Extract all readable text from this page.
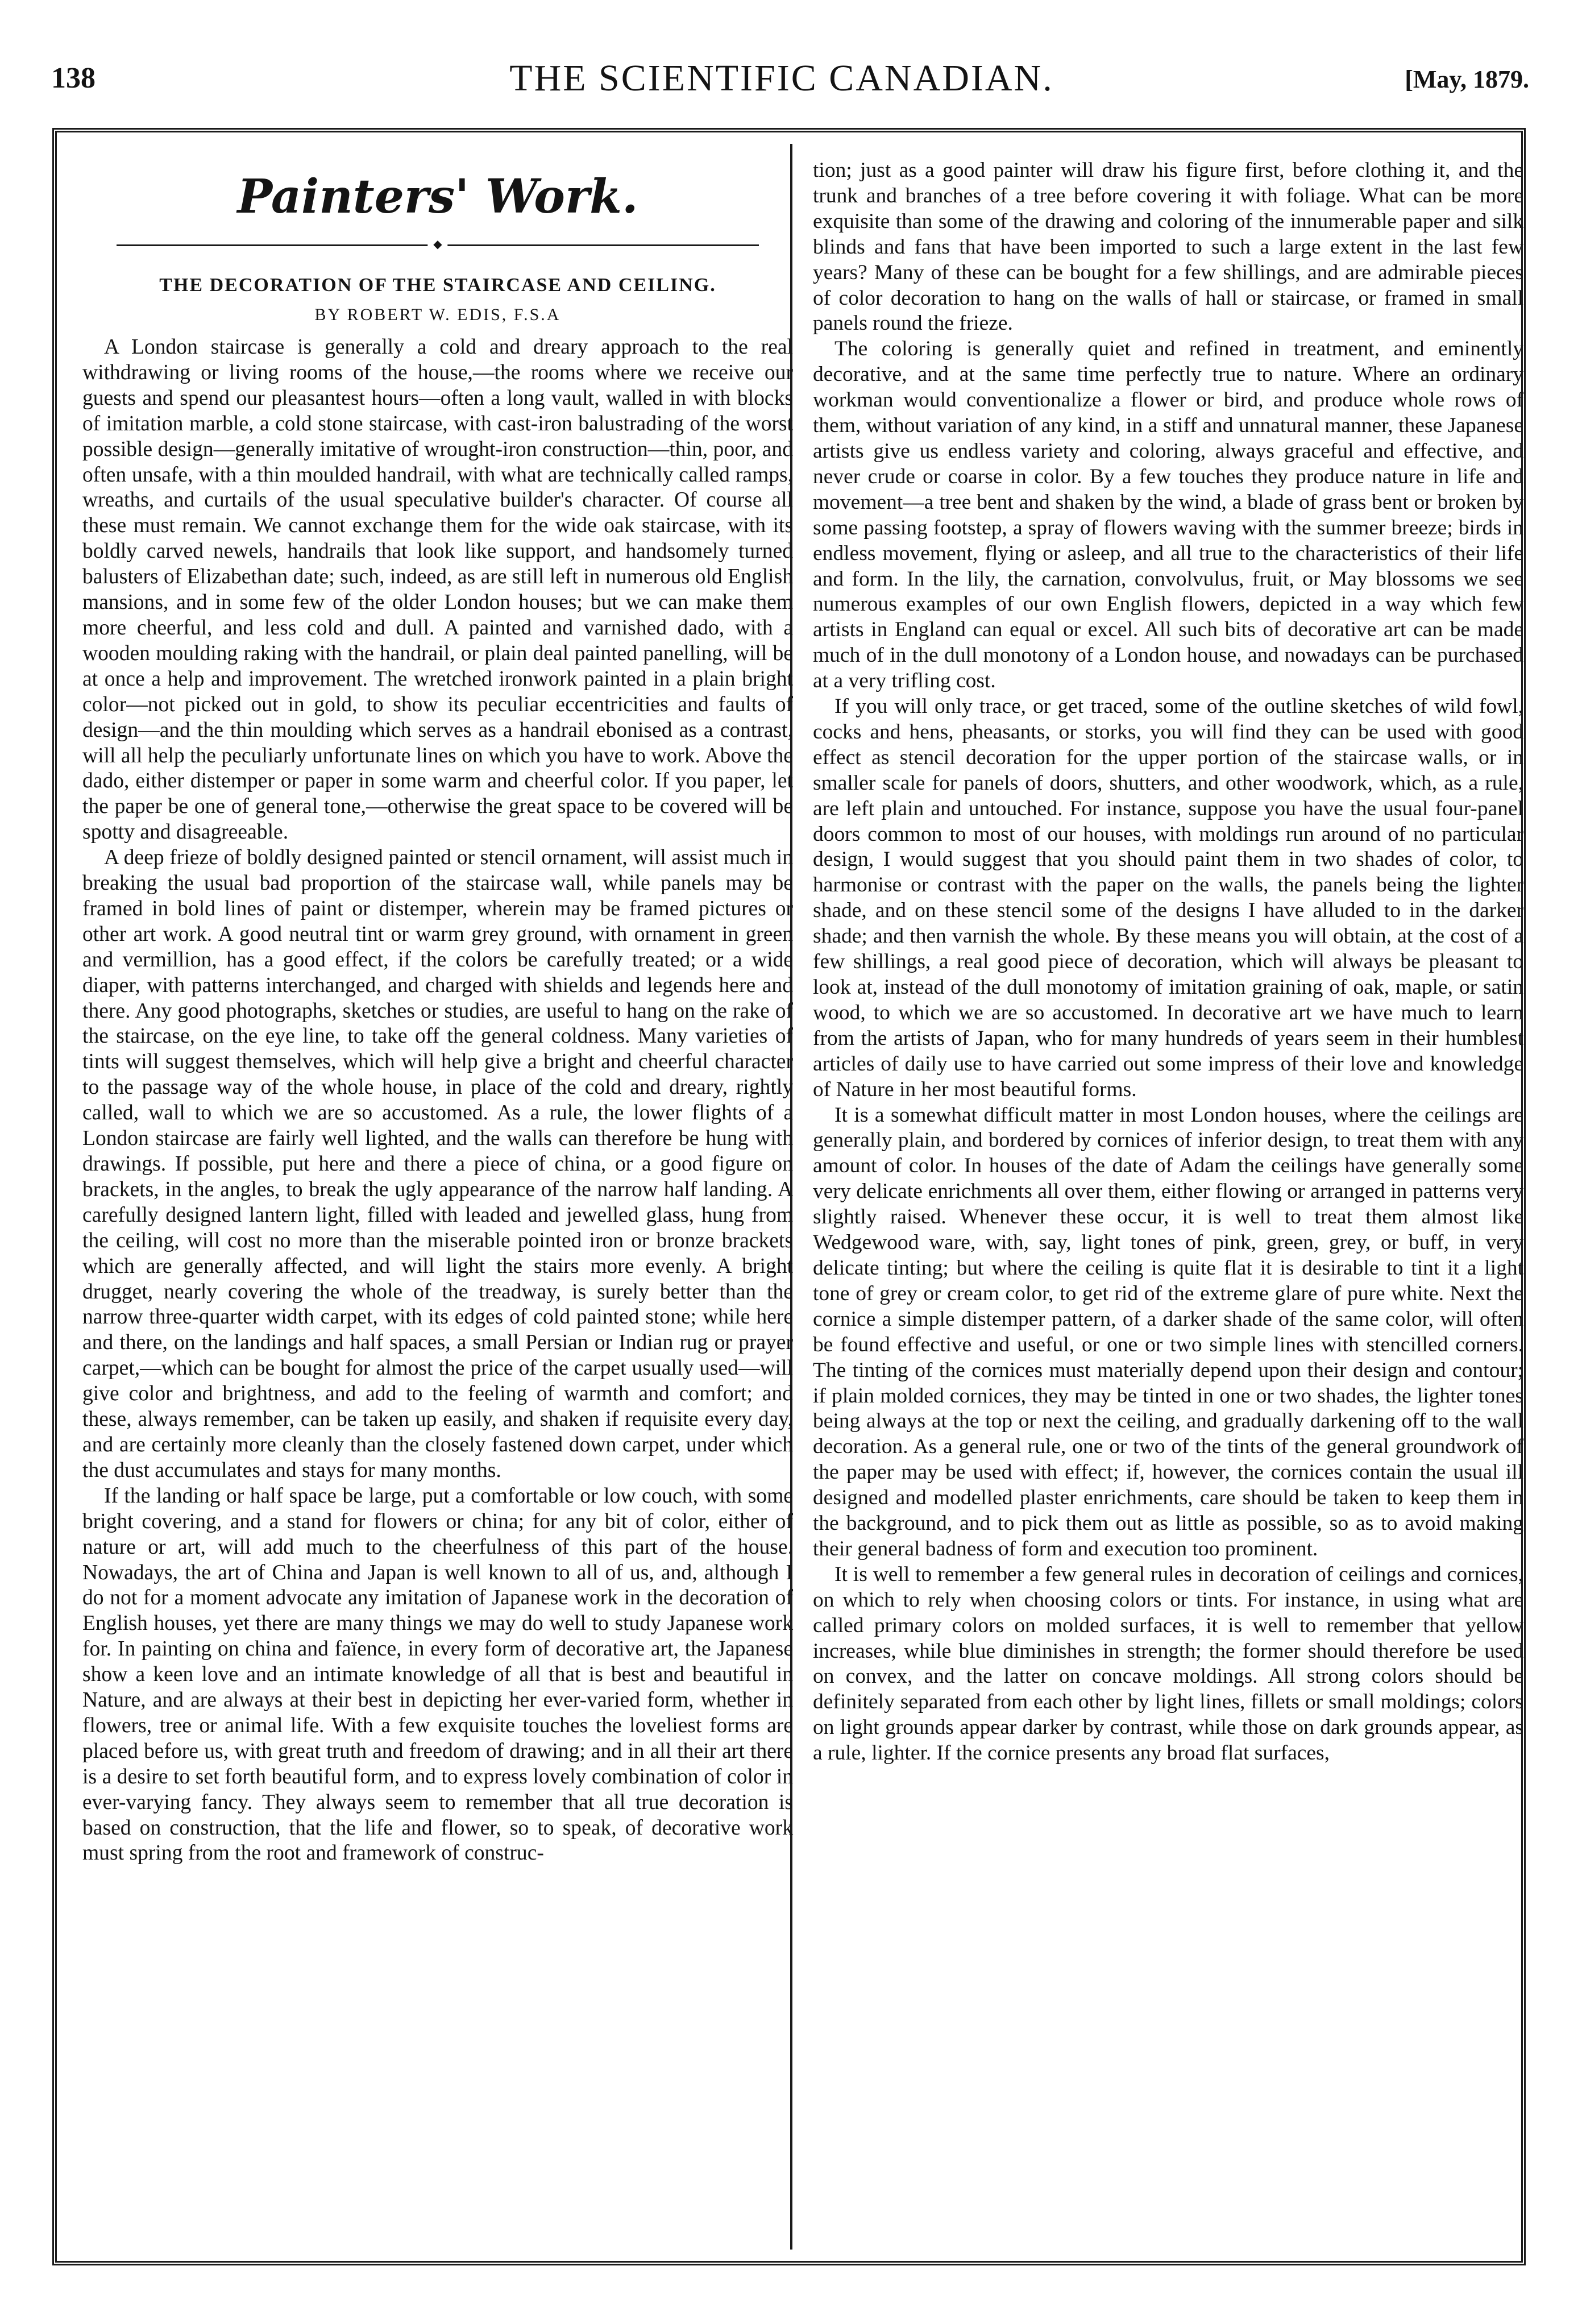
138	THE SCIENTIFIC CANADIAN.	[May, 1879.
Painters' Work.
◆
THE DECORATION OF THE STAIRCASE AND CEILING.
BY ROBERT W. EDIS, F.S.A

A London staircase is generally a cold and dreary approach to the real withdrawing or living rooms of the house,—the rooms where we receive our guests and spend our pleasantest hours—often a long vault, walled in with blocks of imitation marble, a cold stone staircase, with cast-iron balustrading of the worst possible design—generally imitative of wrought-iron construction—thin, poor, and often unsafe, with a thin moulded handrail, with what are technically called ramps, wreaths, and curtails of the usual speculative builder's character. Of course all these must remain. We cannot exchange them for the wide oak staircase, with its boldly carved newels, handrails that look like support, and handsomely turned balusters of Elizabethan date; such, indeed, as are still left in numerous old English mansions, and in some few of the older London houses; but we can make them more cheerful, and less cold and dull. A painted and varnished dado, with a wooden moulding raking with the handrail, or plain deal painted panelling, will be at once a help and improvement. The wretched ironwork painted in a plain bright color—not picked out in gold, to show its peculiar eccentricities and faults of design—and the thin moulding which serves as a handrail ebonised as a contrast, will all help the peculiarly unfortunate lines on which you have to work. Above the dado, either distemper or paper in some warm and cheerful color. If you paper, let the paper be one of general tone,—otherwise the great space to be covered will be spotty and disagreeable.

A deep frieze of boldly designed painted or stencil ornament, will assist much in breaking the usual bad proportion of the staircase wall, while panels may be framed in bold lines of paint or distemper, wherein may be framed pictures or other art work. A good neutral tint or warm grey ground, with ornament in green and vermillion, has a good effect, if the colors be carefully treated; or a wide diaper, with patterns interchanged, and charged with shields and legends here and there. Any good photographs, sketches or studies, are useful to hang on the rake of the staircase, on the eye line, to take off the general coldness. Many varieties of tints will suggest themselves, which will help give a bright and cheerful character to the passage way of the whole house, in place of the cold and dreary, rightly called, wall to which we are so accustomed. As a rule, the lower flights of a London staircase are fairly well lighted, and the walls can therefore be hung with drawings. If possible, put here and there a piece of china, or a good figure on brackets, in the angles, to break the ugly appearance of the narrow half landing. A carefully designed lantern light, filled with leaded and jewelled glass, hung from the ceiling, will cost no more than the miserable pointed iron or bronze brackets which are generally affected, and will light the stairs more evenly. A bright drugget, nearly covering the whole of the treadway, is surely better than the narrow three-quarter width carpet, with its edges of cold painted stone; while here and there, on the landings and half spaces, a small Persian or Indian rug or prayer carpet,—which can be bought for almost the price of the carpet usually used—will give color and brightness, and add to the feeling of warmth and comfort; and these, always remember, can be taken up easily, and shaken if requisite every day, and are certainly more cleanly than the closely fastened down carpet, under which the dust accumulates and stays for many months.

If the landing or half space be large, put a comfortable or low couch, with some bright covering, and a stand for flowers or china; for any bit of color, either of nature or art, will add much to the cheerfulness of this part of the house. Nowadays, the art of China and Japan is well known to all of us, and, although I do not for a moment advocate any imitation of Japanese work in the decoration of English houses, yet there are many things we may do well to study Japanese work for. In painting on china and faïence, in every form of decorative art, the Japanese show a keen love and an intimate knowledge of all that is best and beautiful in Nature, and are always at their best in depicting her ever-varied form, whether in flowers, tree or animal life. With a few exquisite touches the loveliest forms are placed before us, with great truth and freedom of drawing; and in all their art there is a desire to set forth beautiful form, and to express lovely combination of color in ever-varying fancy. They always seem to remember that all true decoration is based on construction, that the life and flower, so to speak, of decorative work must spring from the root and framework of construc-

tion; just as a good painter will draw his figure first, before clothing it, and the trunk and branches of a tree before covering it with foliage. What can be more exquisite than some of the drawing and coloring of the innumerable paper and silk blinds and fans that have been imported to such a large extent in the last few years? Many of these can be bought for a few shillings, and are admirable pieces of color decoration to hang on the walls of hall or staircase, or framed in small panels round the frieze.

The coloring is generally quiet and refined in treatment, and eminently decorative, and at the same time perfectly true to nature. Where an ordinary workman would conventionalize a flower or bird, and produce whole rows of them, without variation of any kind, in a stiff and unnatural manner, these Japanese artists give us endless variety and coloring, always graceful and effective, and never crude or coarse in color. By a few touches they produce nature in life and movement—a tree bent and shaken by the wind, a blade of grass bent or broken by some passing footstep, a spray of flowers waving with the summer breeze; birds in endless movement, flying or asleep, and all true to the characteristics of their life and form. In the lily, the carnation, convolvulus, fruit, or May blossoms we see numerous examples of our own English flowers, depicted in a way which few artists in England can equal or excel. All such bits of decorative art can be made much of in the dull monotony of a London house, and nowadays can be purchased at a very trifling cost.

If you will only trace, or get traced, some of the outline sketches of wild fowl, cocks and hens, pheasants, or storks, you will find they can be used with good effect as stencil decoration for the upper portion of the staircase walls, or in smaller scale for panels of doors, shutters, and other woodwork, which, as a rule, are left plain and untouched. For instance, suppose you have the usual four-panel doors common to most of our houses, with moldings run around of no particular design, I would suggest that you should paint them in two shades of color, to harmonise or contrast with the paper on the walls, the panels being the lighter shade, and on these stencil some of the designs I have alluded to in the darker shade; and then varnish the whole. By these means you will obtain, at the cost of a few shillings, a real good piece of decoration, which will always be pleasant to look at, instead of the dull monotomy of imitation graining of oak, maple, or satin wood, to which we are so accustomed. In decorative art we have much to learn from the artists of Japan, who for many hundreds of years seem in their humblest articles of daily use to have carried out some impress of their love and knowledge of Nature in her most beautiful forms.

It is a somewhat difficult matter in most London houses, where the ceilings are generally plain, and bordered by cornices of inferior design, to treat them with any amount of color. In houses of the date of Adam the ceilings have generally some very delicate enrichments all over them, either flowing or arranged in patterns very slightly raised. Whenever these occur, it is well to treat them almost like Wedgewood ware, with, say, light tones of pink, green, grey, or buff, in very delicate tinting; but where the ceiling is quite flat it is desirable to tint it a light tone of grey or cream color, to get rid of the extreme glare of pure white. Next the cornice a simple distemper pattern, of a darker shade of the same color, will often be found effective and useful, or one or two simple lines with stencilled corners. The tinting of the cornices must materially depend upon their design and contour; if plain molded cornices, they may be tinted in one or two shades, the lighter tones being always at the top or next the ceiling, and gradually darkening off to the wall decoration. As a general rule, one or two of the tints of the general groundwork of the paper may be used with effect; if, however, the cornices contain the usual ill designed and modelled plaster enrichments, care should be taken to keep them in the background, and to pick them out as little as possible, so as to avoid making their general badness of form and execution too prominent.

It is well to remember a few general rules in decoration of ceilings and cornices, on which to rely when choosing colors or tints. For instance, in using what are called primary colors on molded surfaces, it is well to remember that yellow increases, while blue diminishes in strength; the former should therefore be used on convex, and the latter on concave moldings. All strong colors should be definitely separated from each other by light lines, fillets or small moldings; colors on light grounds appear darker by contrast, while those on dark grounds appear, as a rule, lighter. If the cornice presents any broad flat surfaces,
